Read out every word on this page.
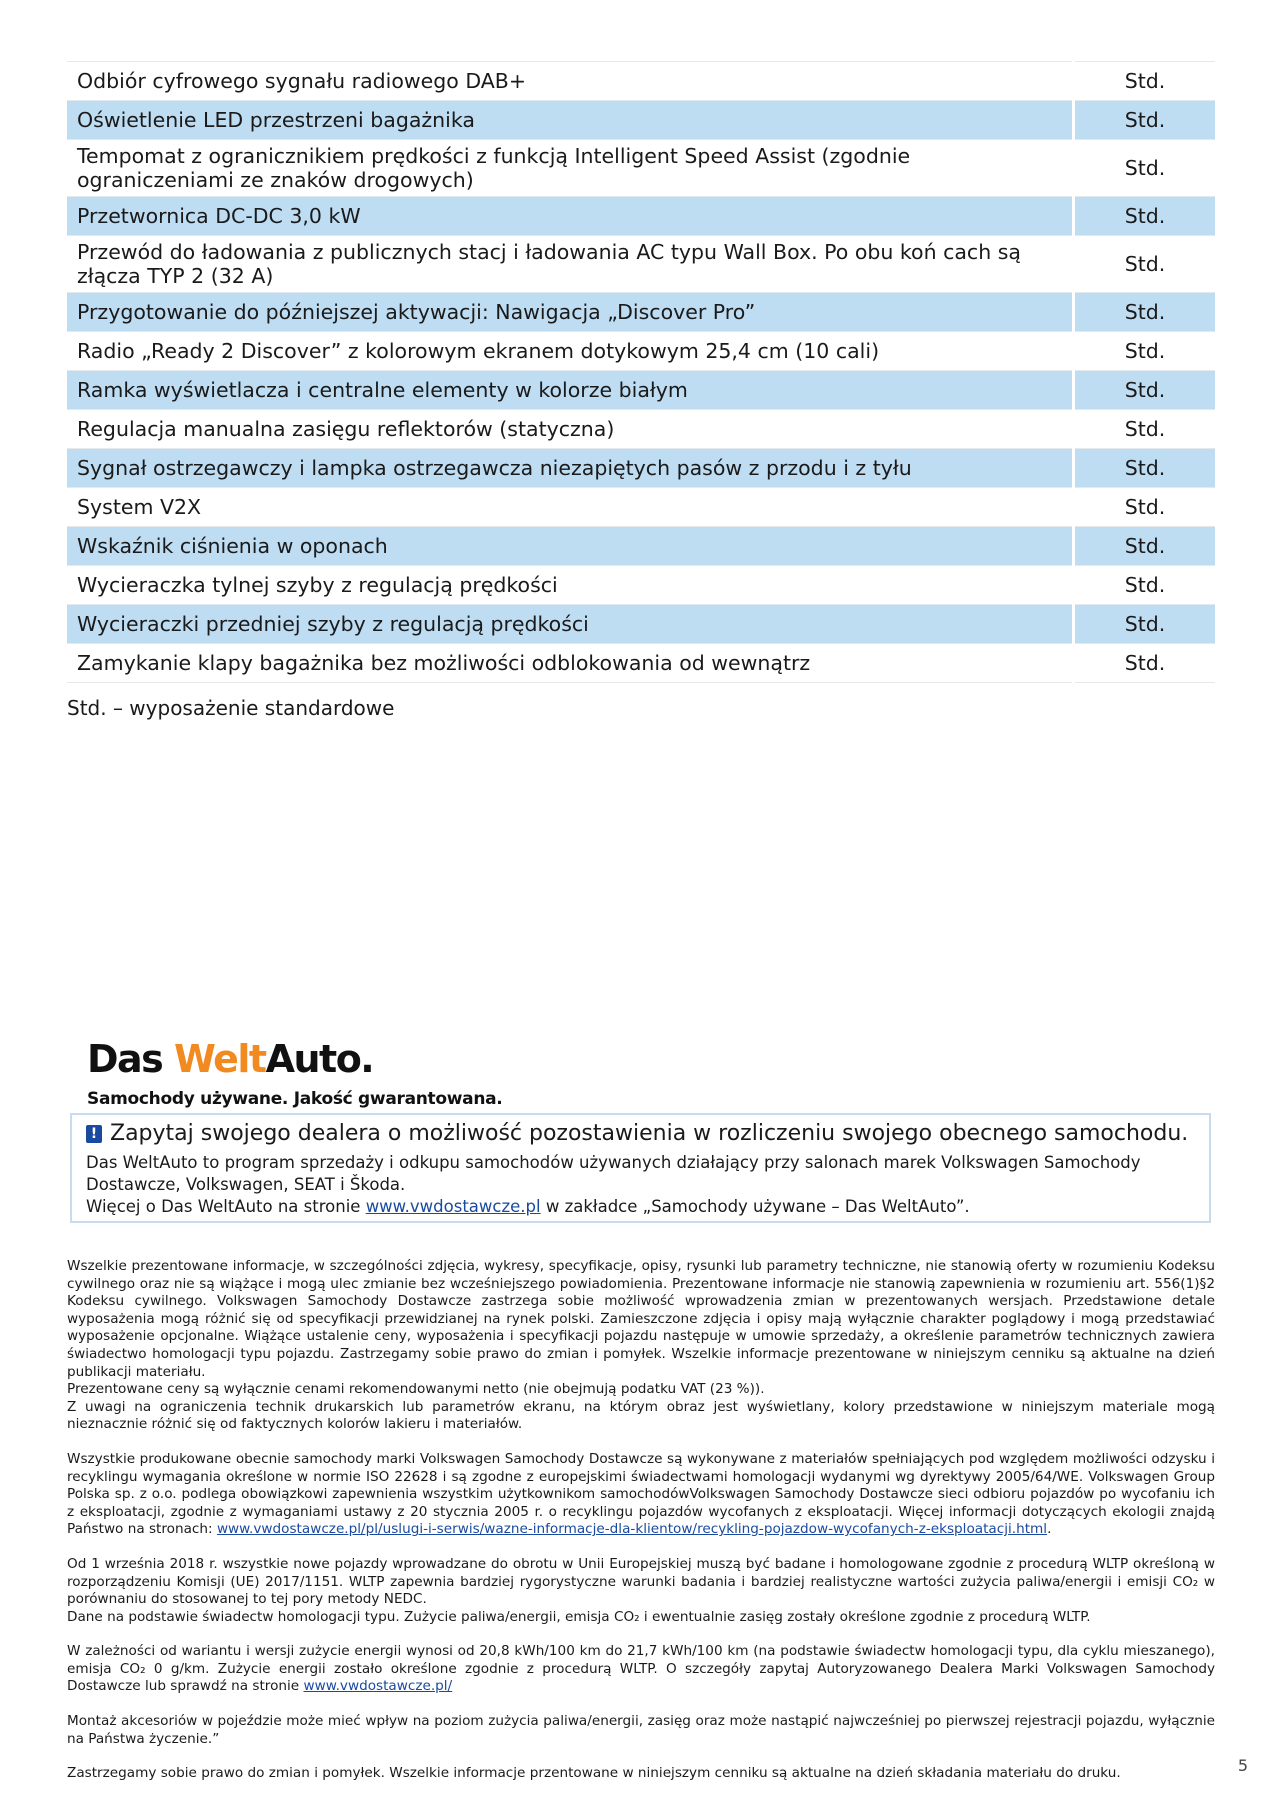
Odbiór cyfrowego sygnału radiowego DAB+	Std.
Oświetlenie LED przestrzeni bagażnika	Std.
Tempomat z ogranicznikiem prędkości z funkcją Intelligent Speed Assist (zgodnie ograniczeniami ze znaków drogowych)	Std.
Przetwornica DC-DC 3,0 kW	Std.
Przewód do ładowania z publicznych stacj i ładowania AC typu Wall Box. Po obu koń cach są złącza TYP 2 (32 A)	Std.
Przygotowanie do późniejszej aktywacji: Nawigacja „Discover Pro”	Std.
Radio „Ready 2 Discover” z kolorowym ekranem dotykowym 25,4 cm (10 cali)	Std.
Ramka wyświetlacza i centralne elementy w kolorze białym	Std.
Regulacja manualna zasięgu reflektorów (statyczna)	Std.
Sygnał ostrzegawczy i lampka ostrzegawcza niezapiętych pasów z przodu i z tyłu	Std.
System V2X	Std.
Wskaźnik ciśnienia w oponach	Std.
Wycieraczka tylnej szyby z regulacją prędkości	Std.
Wycieraczki przedniej szyby z regulacją prędkości	Std.
Zamykanie klapy bagażnika bez możliwości odblokowania od wewnątrz	Std.
Std. – wyposażenie standardowe
Das WeltAuto.
Samochody używane. Jakość gwarantowana.
! Zapytaj swojego dealera o możliwość pozostawienia w rozliczeniu swojego obecnego samochodu.
Das WeltAuto to program sprzedaży i odkupu samochodów używanych działający przy salonach marek Volkswagen Samochody Dostawcze, Volkswagen, SEAT i Škoda.
Więcej o Das WeltAuto na stronie www.vwdostawcze.pl w zakładce „Samochody używane – Das WeltAuto”.

Wszelkie prezentowane informacje, w szczególności zdjęcia, wykresy, specyfikacje, opisy, rysunki lub parametry techniczne, nie stanowią oferty w rozumieniu Kodeksu cywilnego oraz nie są wiążące i mogą ulec zmianie bez wcześniejszego powiadomienia. Prezentowane informacje nie stanowią zapewnienia w rozumieniu art. 556(1)§2 Kodeksu cywilnego. Volkswagen Samochody Dostawcze zastrzega sobie możliwość wprowadzenia zmian w prezentowanych wersjach. Przedstawione detale wyposażenia mogą różnić się od specyfikacji przewidzianej na rynek polski. Zamieszczone zdjęcia i opisy mają wyłącznie charakter poglądowy i mogą przedstawiać wyposażenie opcjonalne. Wiążące ustalenie ceny, wyposażenia i specyfikacji pojazdu następuje w umowie sprzedaży, a określenie parametrów technicznych zawiera świadectwo homologacji typu pojazdu. Zastrzegamy sobie prawo do zmian i pomyłek. Wszelkie informacje prezentowane w niniejszym cenniku są aktualne na dzień publikacji materiału.
Prezentowane ceny są wyłącznie cenami rekomendowanymi netto (nie obejmują podatku VAT (23 %)).
Z uwagi na ograniczenia technik drukarskich lub parametrów ekranu, na którym obraz jest wyświetlany, kolory przedstawione w niniejszym materiale mogą nieznacznie różnić się od faktycznych kolorów lakieru i materiałów.

Wszystkie produkowane obecnie samochody marki Volkswagen Samochody Dostawcze są wykonywane z materiałów spełniających pod względem możliwości odzysku i recyklingu wymagania określone w normie ISO 22628 i są zgodne z europejskimi świadectwami homologacji wydanymi wg dyrektywy 2005/64/WE. Volkswagen Group Polska sp. z o.o. podlega obowiązkowi zapewnienia wszystkim użytkownikom samochodówVolkswagen Samochody Dostawcze sieci odbioru pojazdów po wycofaniu ich z eksploatacji, zgodnie z wymaganiami ustawy z 20 stycznia 2005 r. o recyklingu pojazdów wycofanych z eksploatacji. Więcej informacji dotyczących ekologii znajdą Państwo na stronach: www.vwdostawcze.pl/pl/uslugi-i-serwis/wazne-informacje-dla-klientow/recykling-pojazdow-wycofanych-z-eksploatacji.html.

Od 1 września 2018 r. wszystkie nowe pojazdy wprowadzane do obrotu w Unii Europejskiej muszą być badane i homologowane zgodnie z procedurą WLTP określoną w rozporządzeniu Komisji (UE) 2017/1151. WLTP zapewnia bardziej rygorystyczne warunki badania i bardziej realistyczne wartości zużycia paliwa/energii i emisji CO₂ w porównaniu do stosowanej to tej pory metody NEDC.
Dane na podstawie świadectw homologacji typu. Zużycie paliwa/energii, emisja CO₂ i ewentualnie zasięg zostały określone zgodnie z procedurą WLTP.

W zależności od wariantu i wersji zużycie energii wynosi od 20,8 kWh/100 km do 21,7 kWh/100 km (na podstawie świadectw homologacji typu, dla cyklu mieszanego), emisja CO₂ 0 g/km. Zużycie energii zostało określone zgodnie z procedurą WLTP. O szczegóły zapytaj Autoryzowanego Dealera Marki Volkswagen Samochody Dostawcze lub sprawdź na stronie www.vwdostawcze.pl/

Montaż akcesoriów w pojeździe może mieć wpływ na poziom zużycia paliwa/energii, zasięg oraz może nastąpić najwcześniej po pierwszej rejestracji pojazdu, wyłącznie na Państwa życzenie.”

Zastrzegamy sobie prawo do zmian i pomyłek. Wszelkie informacje przentowane w niniejszym cenniku są aktualne na dzień składania materiału do druku.	5
